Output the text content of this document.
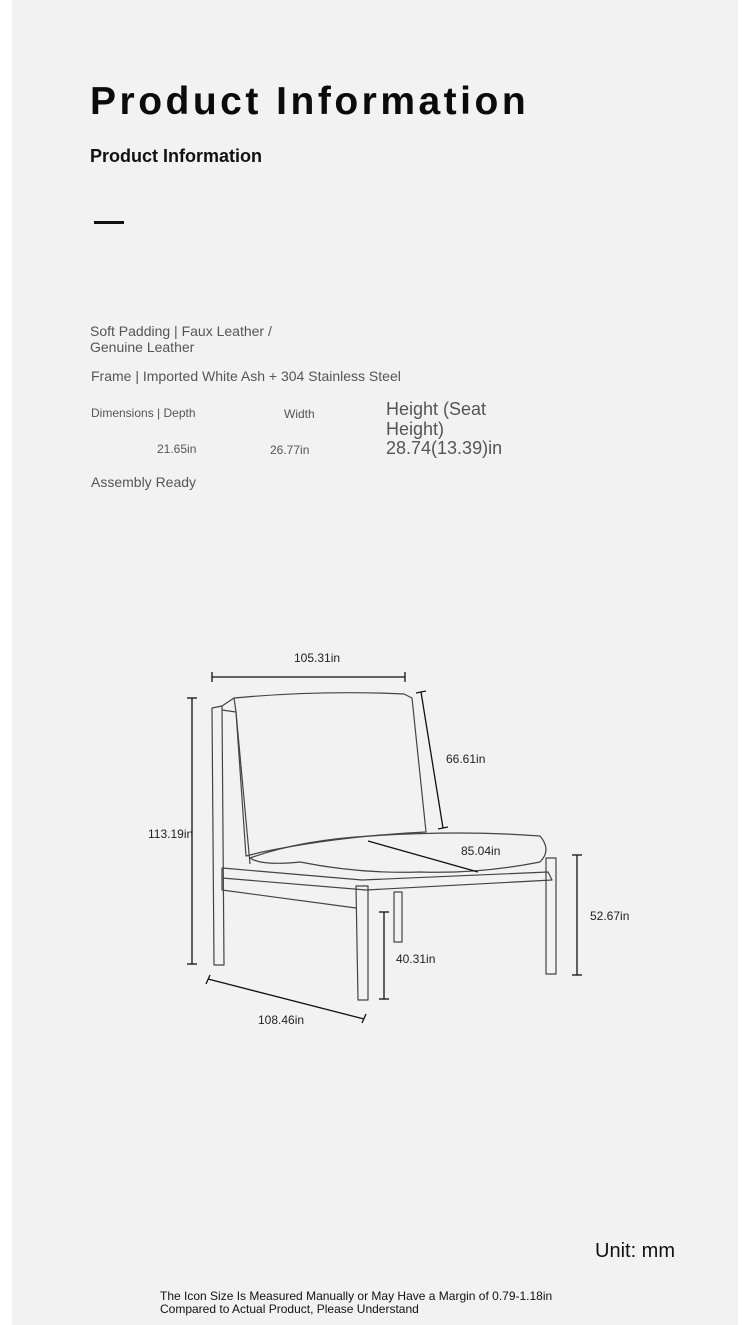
Product Information
Product Information
Soft Padding | Faux Leather / Genuine Leather
Frame | Imported White Ash + 304 Stainless Steel
Dimensions | Depth	Width	Height (Seat Height)
21.65in	26.77in	28.74(13.39)in
Assembly Ready
105.31in
66.61in
113.19in
85.04in
52.67in
40.31in
108.46in
Unit: mm
The Icon Size Is Measured Manually or May Have a Margin of 0.79-1.18in Compared to Actual Product, Please Understand
